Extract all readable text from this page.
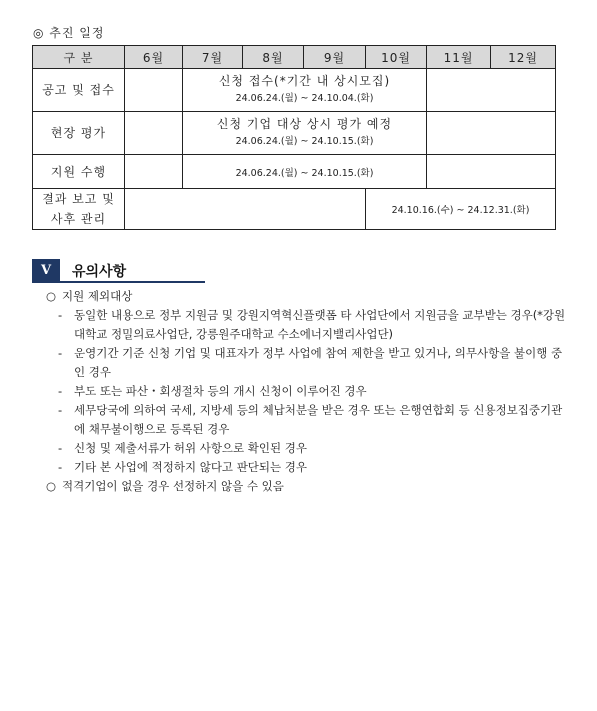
◎ 추진 일정
구 분	6월	7월	8월	9월	10월	11월	12월
공고 및 접수		신청 접수(*기간 내 상시모집)
24.06.24.(월) ~ 24.10.04.(화)					

현장 평가		신청 기업 대상 상시 평가 예정
24.06.24.(월) ~ 24.10.15.(화)					

지원 수행		24.06.24.(월) ~ 24.10.15.(화)					

결과 보고 및
사후 관리					24.10.16.(수) ~ 24.12.31.(화)		
V	유의사항
○ 지원 제외대상
- 동일한 내용으로 정부 지원금 및 강원지역혁신플랫폼 타 사업단에서 지원금을 교부받는 경우(*강원대학교 정밀의료사업단, 강릉원주대학교 수소에너지밸리사업단)
- 운영기간 기준 신청 기업 및 대표자가 정부 사업에 참여 제한을 받고 있거나, 의무사항을 불이행 중인 경우
- 부도 또는 파산・회생절차 등의 개시 신청이 이루어진 경우
- 세무당국에 의하여 국세, 지방세 등의 체납처분을 받은 경우 또는 은행연합회 등 신용정보집중기관에 채무불이행으로 등록된 경우
- 신청 및 제출서류가 허위 사항으로 확인된 경우
- 기타 본 사업에 적정하지 않다고 판단되는 경우
○ 적격기업이 없을 경우 선정하지 않을 수 있음
